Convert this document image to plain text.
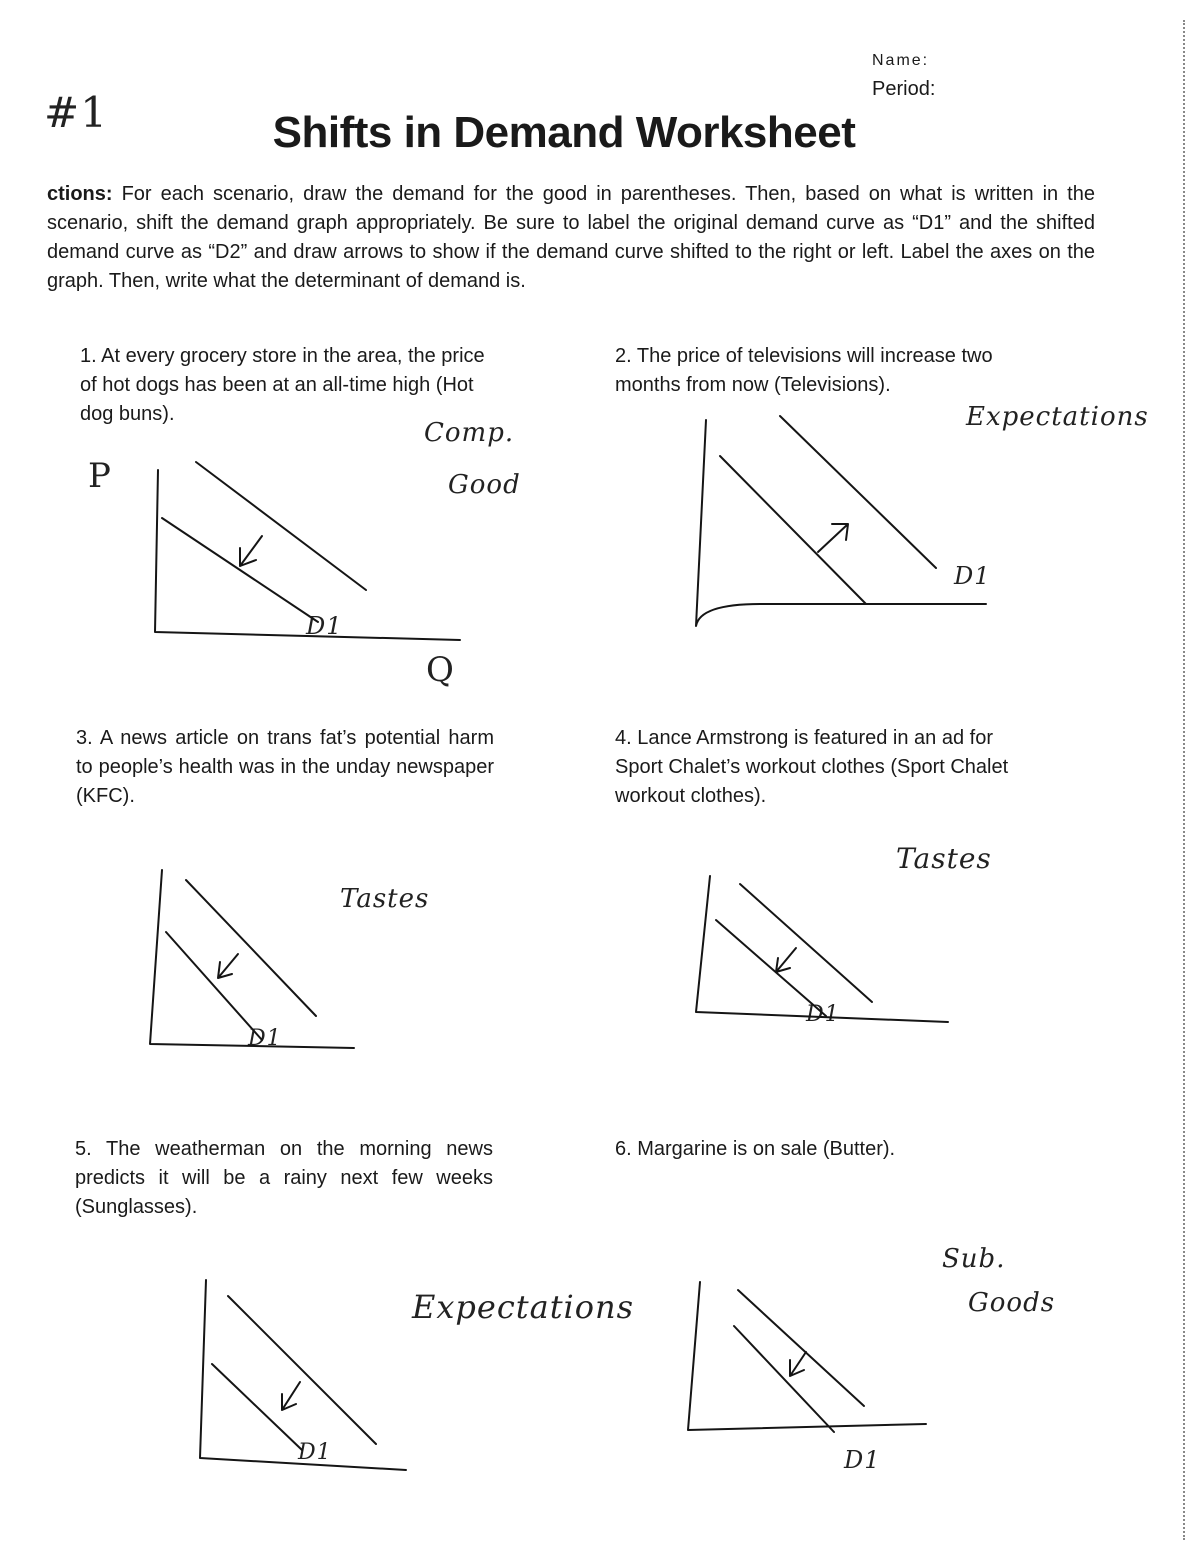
#1
Name:
Period:
Shifts in Demand Worksheet
ctions: For each scenario, draw the demand for the good in parentheses. Then, based on what is written in the scenario, shift the demand graph appropriately. Be sure to label the original demand curve as “D1” and the shifted demand curve as “D2” and draw arrows to show if the demand curve shifted to the right or left. Label the axes on the graph. Then, write what the determinant of demand is.
1. At every grocery store in the area, the price of hot dogs has been at an all-time high (Hot dog buns).
2. The price of televisions will increase two months from now (Televisions).
3. A news article on trans fat’s potential harm to people’s health was in the unday newspaper (KFC).
4. Lance Armstrong is featured in an ad for Sport Chalet’s workout clothes (Sport Chalet workout clothes).
5. The weatherman on the morning news predicts it will be a rainy next few weeks (Sunglasses).
6. Margarine is on sale (Butter).
Comp.
Good
P
Q
D1
Expectations
D1
Tastes
D1
Tastes
D1
Expectations
D1
Sub.
Goods
D1
